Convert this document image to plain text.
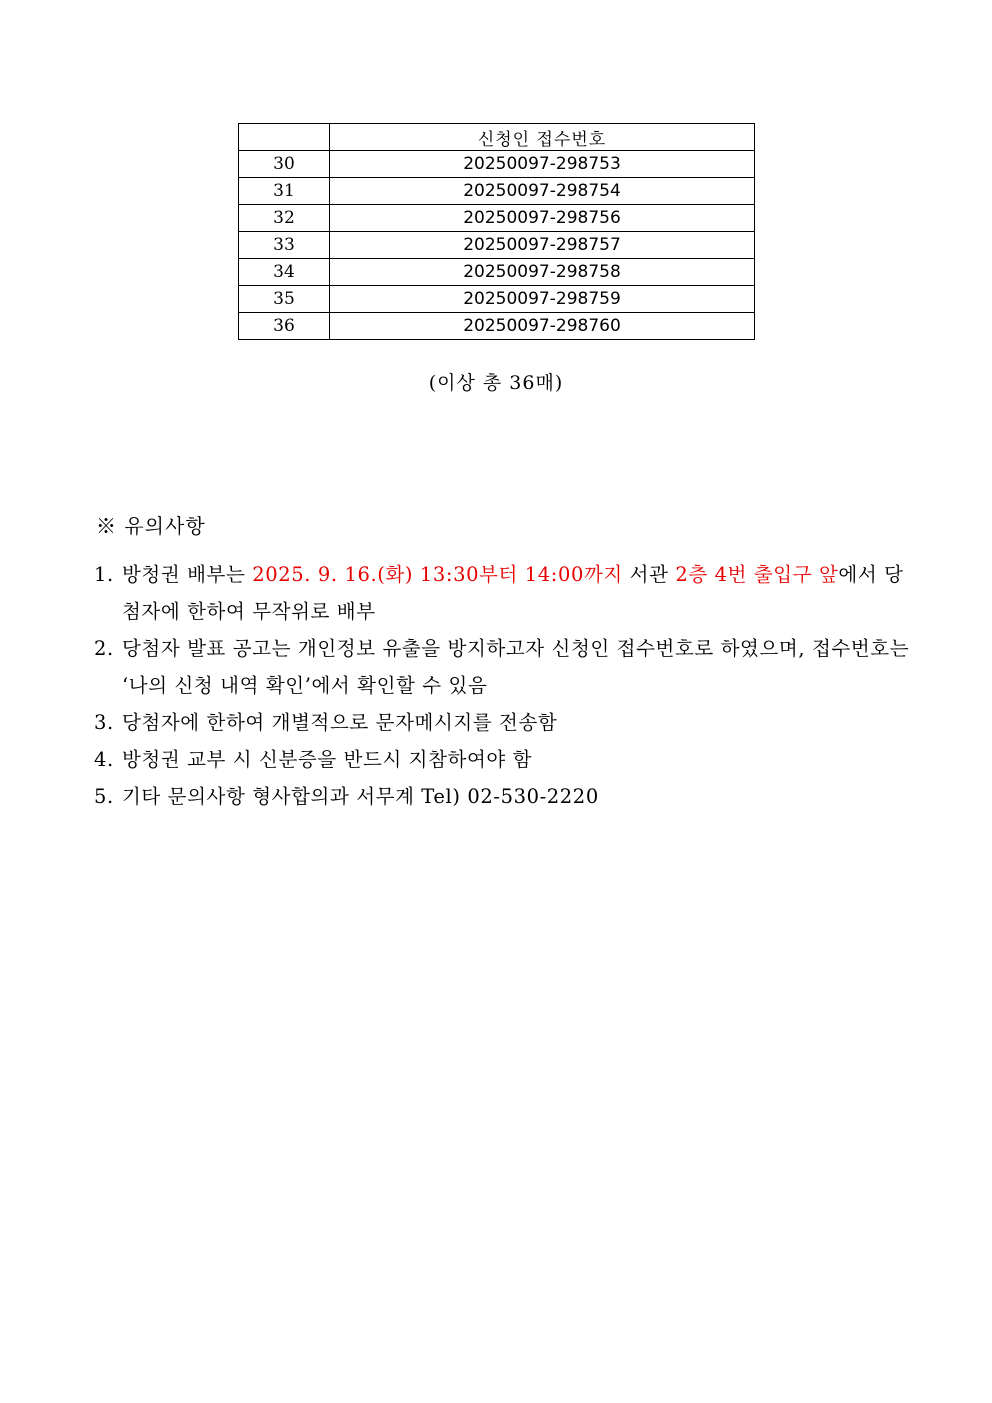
	신청인 접수번호
30	20250097-298753
31	20250097-298754
32	20250097-298756
33	20250097-298757
34	20250097-298758
35	20250097-298759
36	20250097-298760
(이상 총 36매)
※ 유의사항
1. 방청권 배부는 2025. 9. 16.(화) 13:30부터 14:00까지 서관 2층 4번 출입구 앞에서 당첨자에 한하여 무작위로 배부
2. 당첨자 발표 공고는 개인정보 유출을 방지하고자 신청인 접수번호로 하였으며, 접수번호는 ‘나의 신청 내역 확인’에서 확인할 수 있음
3. 당첨자에 한하여 개별적으로 문자메시지를 전송함
4. 방청권 교부 시 신분증을 반드시 지참하여야 함
5. 기타 문의사항 형사합의과 서무계 Tel) 02-530-2220
